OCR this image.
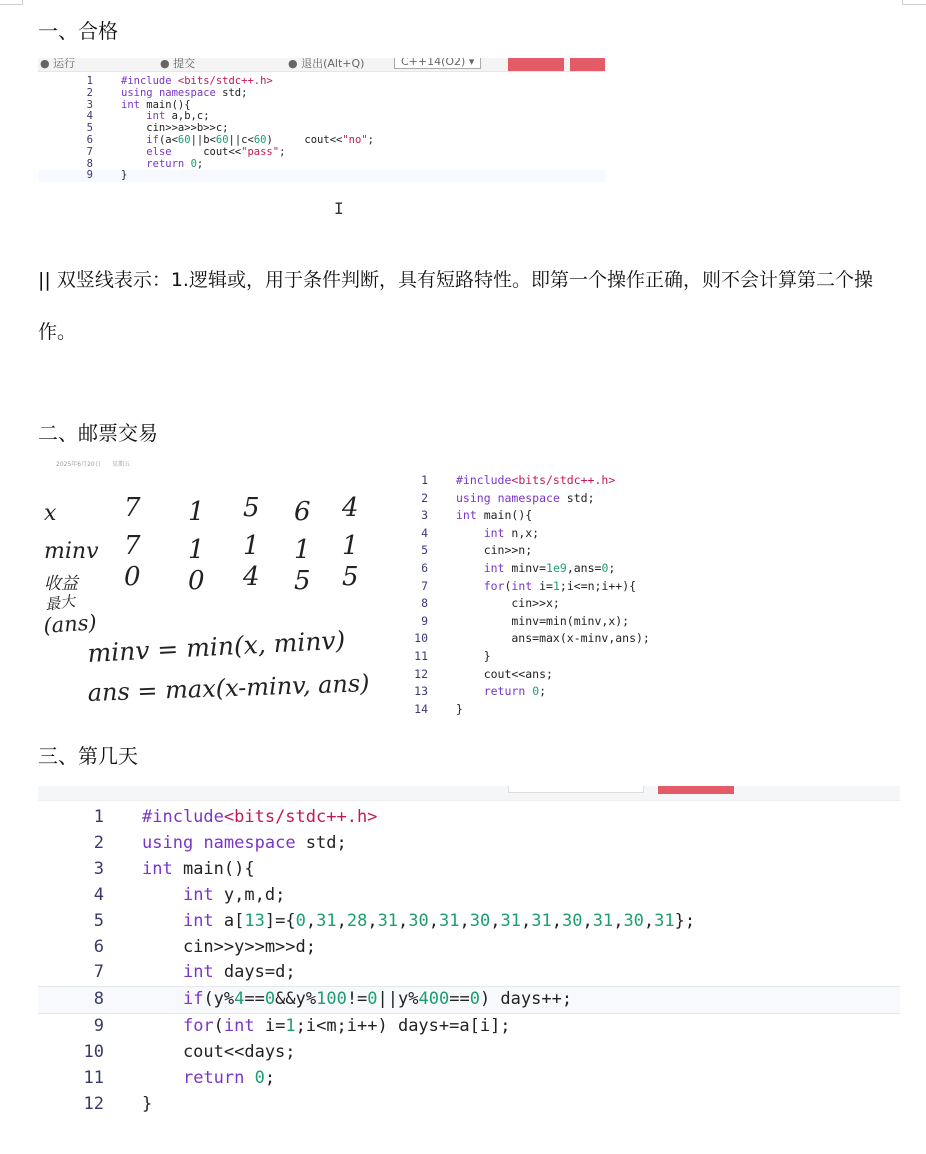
一、合格
● 运行	● 提交	● 退出(Alt+Q)	C++14(O2) ▾
1	#include <bits/stdc++.h>
2	using namespace std;
3	int main(){
4	int a,b,c;
5	cin>>a>>b>>c;
6	if(a<60||b<60||c<60)     cout<<"no";
7	else     cout<<"pass";
8	return 0;
9	}
I

|| 双竖线表示：1.逻辑或，用于条件判断，具有短路特性。即第一个操作正确，则不会计算第二个操作。

二、邮票交易
2025年6月20日 星期五
x	7 1 5 6 4
minv 7 1 1 1 1
收益 0 0 4 5 5
最大
(ans)
minv = min(x, minv)
ans = max(x-minv, ans)
1	#include<bits/stdc++.h>
2	using namespace std;
3	int main(){
4	int n,x;
5	cin>>n;
6	int minv=1e9,ans=0;
7	for(int i=1;i<=n;i++){
8	cin>>x;
9	minv=min(minv,x);
10	ans=max(x-minv,ans);
11	}
12	cout<<ans;
13	return 0;
14	}
三、第几天
1	#include<bits/stdc++.h>
2	using namespace std;
3	int main(){
4	int y,m,d;
5	int a[13]={0,31,28,31,30,31,30,31,31,30,31,30,31};
6	cin>>y>>m>>d;
7	int days=d;
8	if(y%4==0&&y%100!=0||y%400==0) days++;
9	for(int i=1;i<m;i++) days+=a[i];
10	cout<<days;
11	return 0;
12	}
